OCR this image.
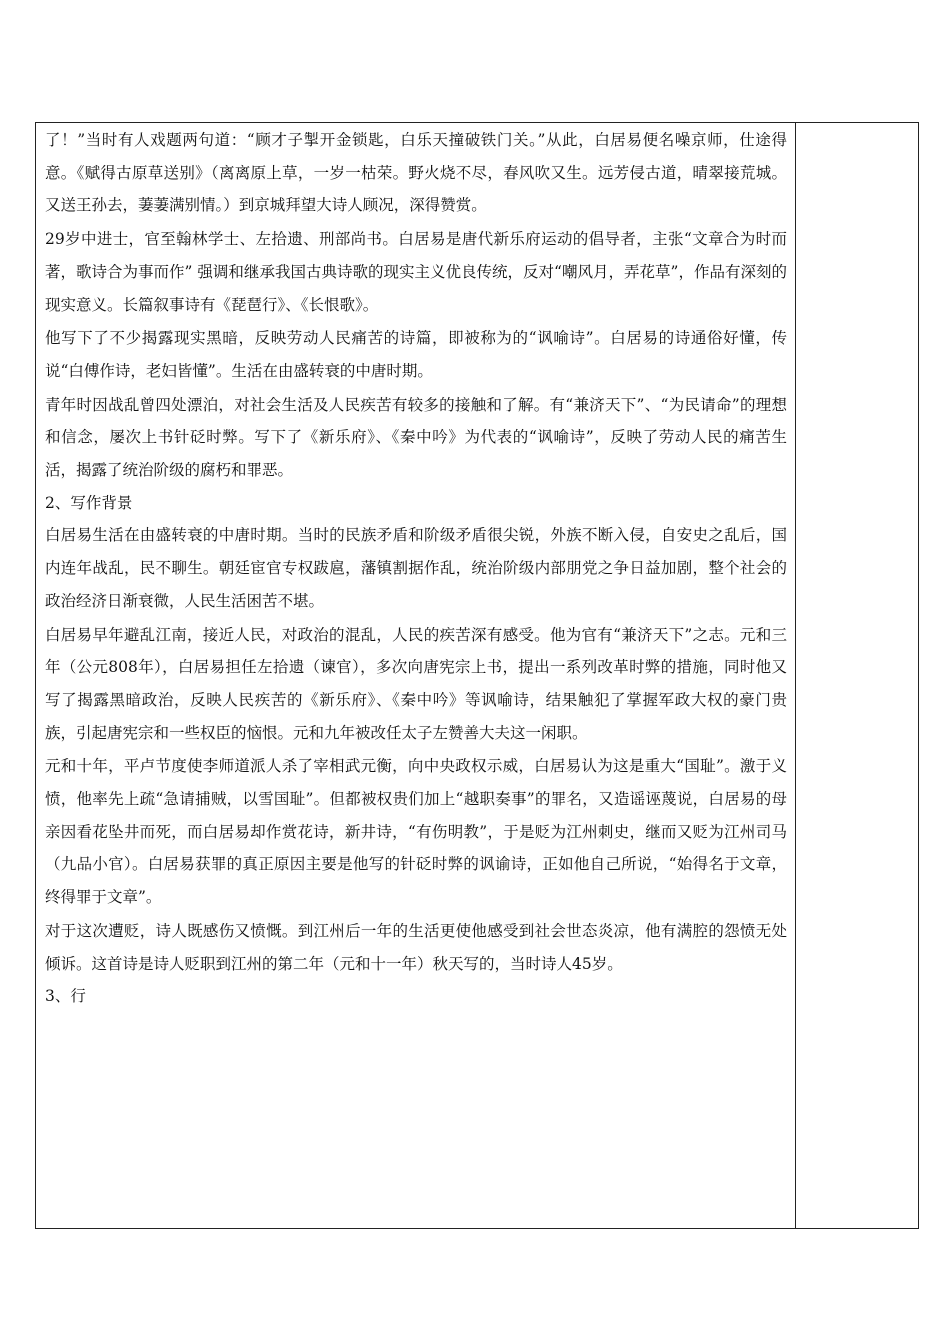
了！”当时有人戏题两句道：“顾才子掣开金锁匙，白乐天撞破铁门关。”从此，白居易便名噪京师，仕途得意。《赋得古原草送别》（离离原上草，一岁一枯荣。野火烧不尽，春风吹又生。远芳侵古道，晴翠接荒城。又送王孙去，萋萋满别情。）到京城拜望大诗人顾况，深得赞赏。

29岁中进士，官至翰林学士、左拾遗、刑部尚书。白居易是唐代新乐府运动的倡导者，主张“文章合为时而著，歌诗合为事而作” 强调和继承我国古典诗歌的现实主义优良传统，反对“嘲风月，弄花草”，作品有深刻的现实意义。长篇叙事诗有《琵琶行》、《长恨歌》。

他写下了不少揭露现实黑暗，反映劳动人民痛苦的诗篇，即被称为的“讽喻诗”。白居易的诗通俗好懂，传说“白傅作诗，老妇皆懂”。生活在由盛转衰的中唐时期。

青年时因战乱曾四处漂泊，对社会生活及人民疾苦有较多的接触和了解。有“兼济天下”、“为民请命”的理想和信念，屡次上书针砭时弊。写下了《新乐府》、《秦中吟》为代表的“讽喻诗”，反映了劳动人民的痛苦生活，揭露了统治阶级的腐朽和罪恶。

2、写作背景

白居易生活在由盛转衰的中唐时期。当时的民族矛盾和阶级矛盾很尖锐，外族不断入侵，自安史之乱后，国内连年战乱，民不聊生。朝廷宦官专权跋扈，藩镇割据作乱，统治阶级内部朋党之争日益加剧，整个社会的政治经济日渐衰微，人民生活困苦不堪。

白居易早年避乱江南，接近人民，对政治的混乱，人民的疾苦深有感受。他为官有“兼济天下”之志。元和三年（公元808年），白居易担任左拾遗（谏官），多次向唐宪宗上书，提出一系列改革时弊的措施，同时他又写了揭露黑暗政治，反映人民疾苦的《新乐府》、《秦中吟》等讽喻诗，结果触犯了掌握军政大权的豪门贵族，引起唐宪宗和一些权臣的恼恨。元和九年被改任太子左赞善大夫这一闲职。

元和十年，平卢节度使李师道派人杀了宰相武元衡，向中央政权示威，白居易认为这是重大“国耻”。激于义愤，他率先上疏“急请捕贼，以雪国耻”。但都被权贵们加上“越职奏事”的罪名，又造谣诬蔑说，白居易的母亲因看花坠井而死，而白居易却作赏花诗，新井诗，“有伤明教”，于是贬为江州刺史，继而又贬为江州司马（九品小官）。白居易获罪的真正原因主要是他写的针砭时弊的讽谕诗，正如他自己所说，“始得名于文章，终得罪于文章”。

对于这次遭贬，诗人既感伤又愤慨。到江州后一年的生活更使他感受到社会世态炎凉，他有满腔的怨愤无处倾诉。这首诗是诗人贬职到江州的第二年（元和十一年）秋天写的，当时诗人45岁。

3、行
